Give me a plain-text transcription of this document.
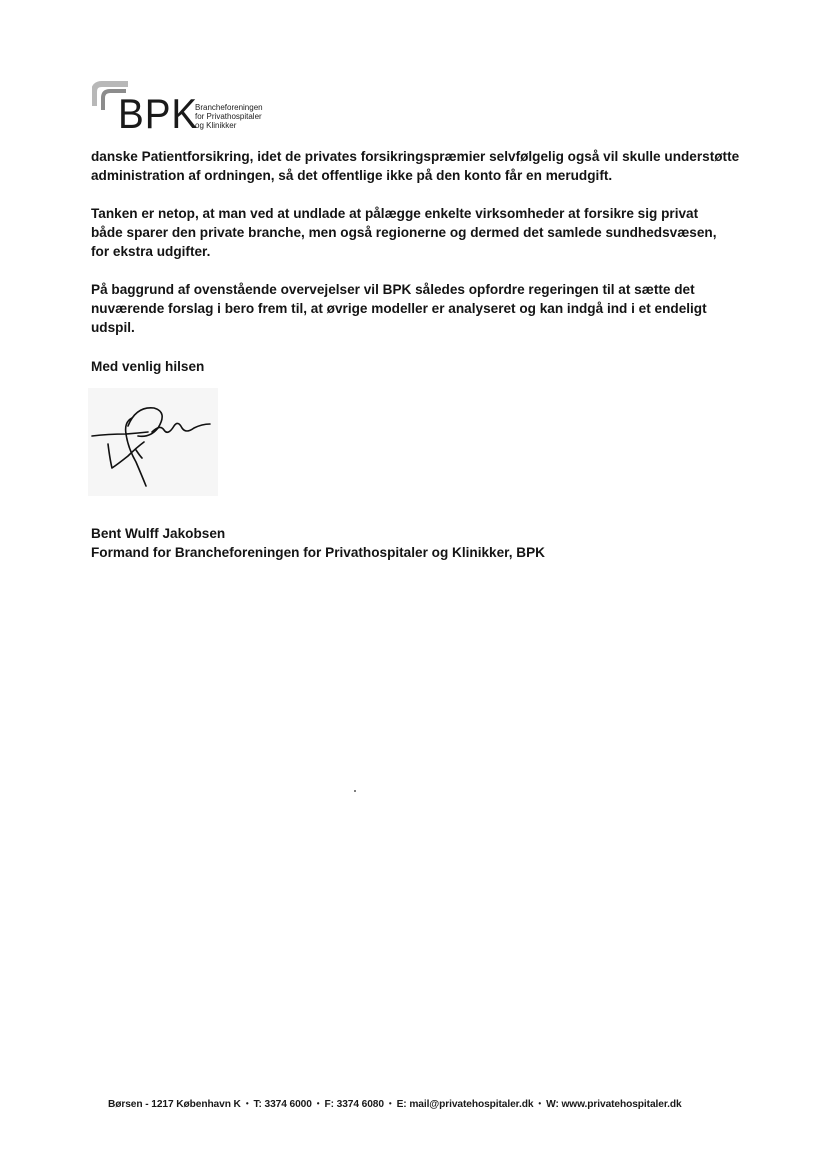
BPK
Brancheforeningen
for Privathospitaler
og Klinikker

danske Patientforsikring, idet de privates forsikringspræmier selvfølgelig også vil skulle understøtte
administration af ordningen, så det offentlige ikke på den konto får en merudgift.

Tanken er netop, at man ved at undlade at pålægge enkelte virksomheder at forsikre sig privat
både sparer den private branche, men også regionerne og dermed det samlede sundhedsvæsen,
for ekstra udgifter.

På baggrund af ovenstående overvejelser vil BPK således opfordre regeringen til at sætte det
nuværende forslag i bero frem til, at øvrige modeller er analyseret og kan indgå ind i et endeligt
udspil.

Med venlig hilsen
Bent Wulff Jakobsen
Formand for Brancheforeningen for Privathospitaler og Klinikker, BPK
Børsen - 1217 København K • T: 3374 6000 • F: 3374 6080 • E: mail@privatehospitaler.dk • W: www.privatehospitaler.dk
